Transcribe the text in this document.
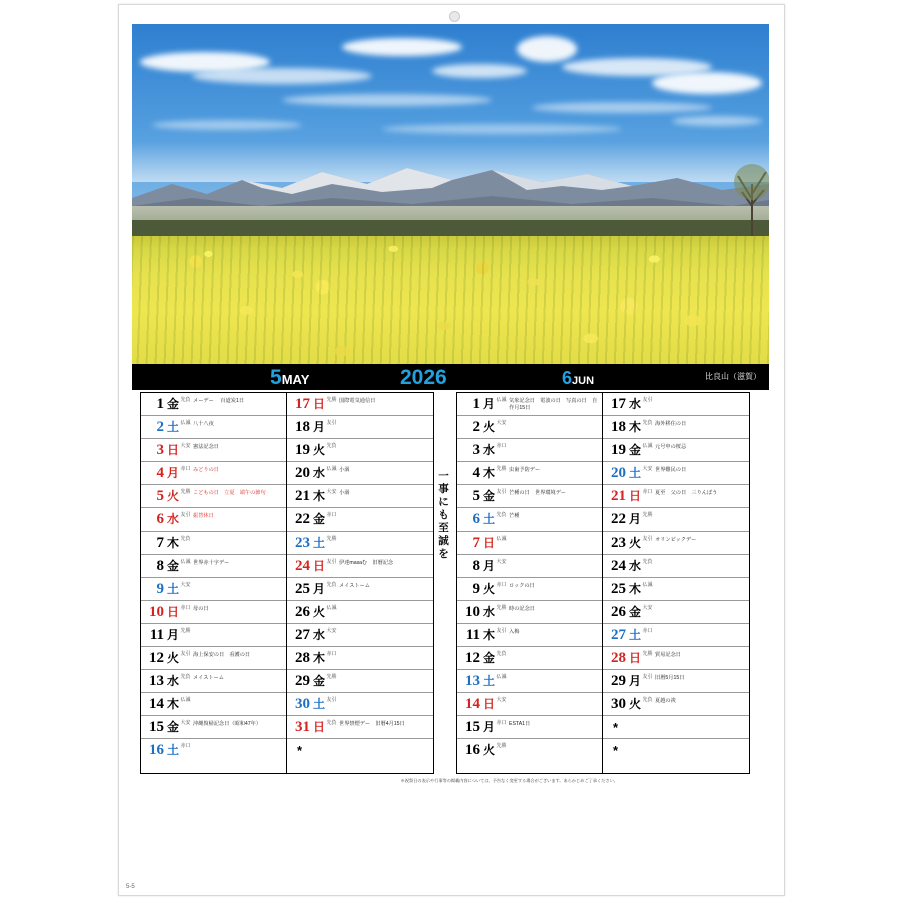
5MAY	2026	6JUN	比良山（滋賀）
1 金 先負 メーデー　 百道炭1日
2 土 仏滅 八十八夜
3 日 大安 憲法記念日
4 月 赤口 みどりの日
5 火 先勝 こどもの日　立夏　端午の節句
6 水 友引 振替休日
7 木 先負
8 金 仏滅 世界赤十字デー
9 土 大安
10 日 赤口 母の日
11 月 先勝
12 火 友引 海上保安の日　看護の日
13 水 先負 メイストーム
14 木 仏滅
15 金 大安 沖縄復帰記念日（昭和47年）
16 土 赤口
17 日 先勝 国際電気通信日
18 月 友引
19 火 先負
20 水 仏滅 小満
21 木 大安 小満
22 金 赤口
23 土 先勝
24 日 友引 伊達masaむ　旧暦記念
25 月 先負 メイストーム
26 火 仏滅
27 水 大安
28 木 赤口
29 金 先勝
30 土 友引
31 日 先負 世界禁煙デー　旧暦4月15日
*
一事にも至誠を
1 月 仏滅 気象記念日　電波の日　写真の日　自作月15日
2 火 大安
3 水 赤口
4 木 先勝 虫歯予防デー
5 金 友引 芒種の日　世界環境デー
6 土 先負 芒種
7 日 仏滅
8 月 大安
9 火 赤口 ロックの日
10 水 先勝 時の記念日
11 木 友引 入梅
12 金 先負
13 土 仏滅
14 日 大安
15 月 赤口 ESTA1日
16 火 先勝
17 水 友引
18 木 先負 海外移住の日
19 金 仏滅 元号申の桜忌
20 土 大安 世界難民の日
21 日 赤口 夏至　父の日　三りんぼう
22 月 先勝
23 火 友引 オリンピックデー
24 水 先負
25 木 仏滅
26 金 大安
27 土 赤口
28 日 先勝 貿易記念日
29 月 友引 旧暦5月15日
30 火 先負 夏越の祓
*
*
※祝祭日の表示や行事等の掲載内容については、予告なく変更する場合がございます。あらかじめご了承ください。
5-5
